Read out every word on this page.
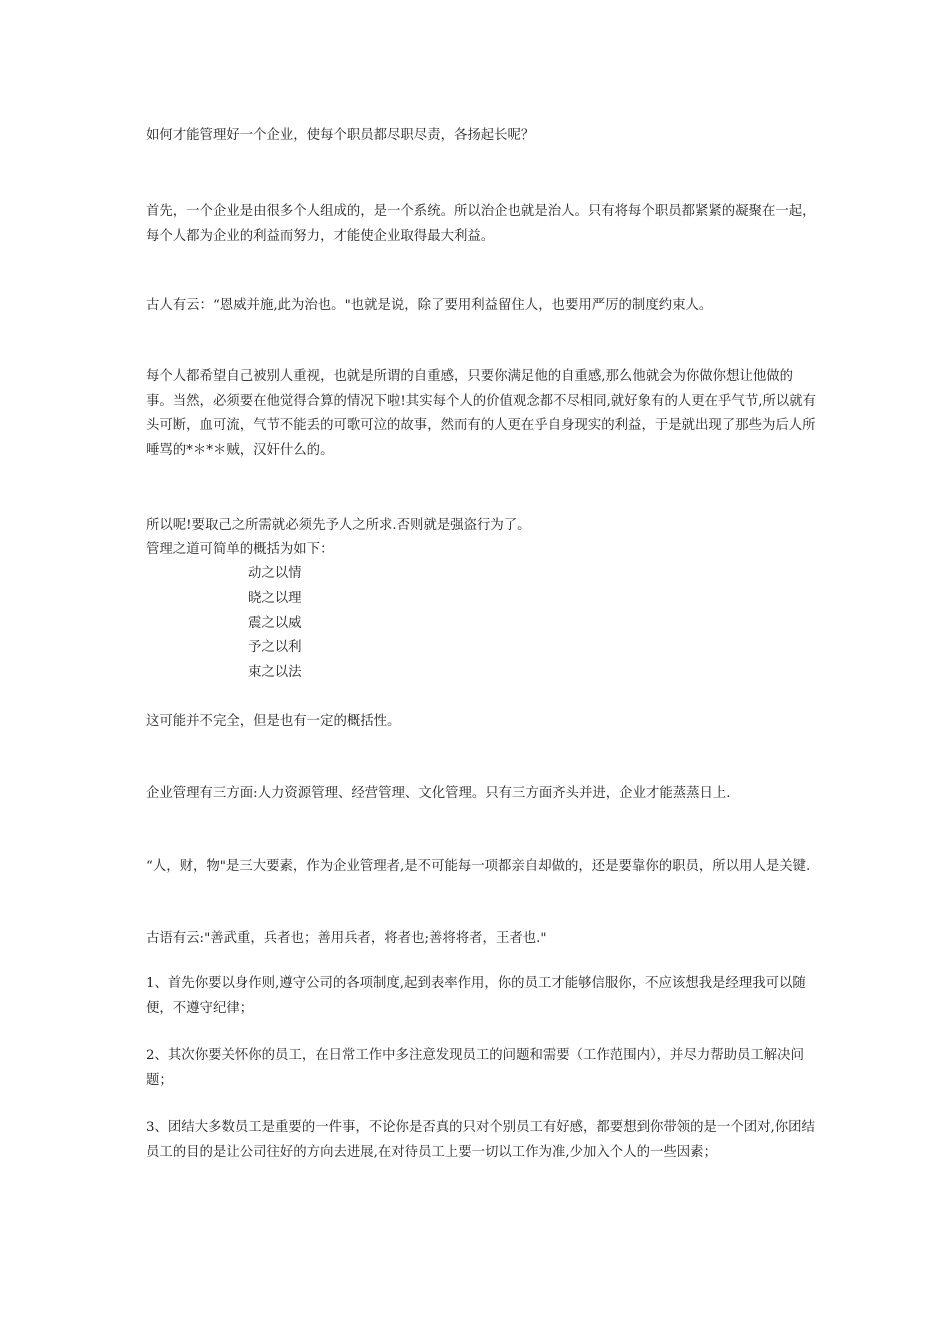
如何才能管理好一个企业，使每个职员都尽职尽责，各扬起长呢？

首先，一个企业是由很多个人组成的，是一个系统。所以治企也就是治人。只有将每个职员都紧紧的凝聚在一起，每个人都为企业的利益而努力，才能使企业取得最大利益。

古人有云：“恩威并施,此为治也。"也就是说，除了要用利益留住人，也要用严厉的制度约束人。

每个人都希望自己被别人重视，也就是所谓的自重感，只要你满足他的自重感,那么他就会为你做你想让他做的事。当然，必须要在他觉得合算的情况下啦!其实每个人的价值观念都不尽相同,就好象有的人更在乎气节,所以就有头可断，血可流，气节不能丢的可歌可泣的故事，然而有的人更在乎自身现实的利益，于是就出现了那些为后人所唾骂的*＊*＊贼，汉奸什么的。

所以呢!要取己之所需就必须先予人之所求.否则就是强盗行为了。

管理之道可简单的概括为如下：

动之以情

晓之以理

震之以威

予之以利

束之以法

这可能并不完全，但是也有一定的概括性。

企业管理有三方面:人力资源管理、经营管理、文化管理。只有三方面齐头并进，企业才能蒸蒸日上.

“人，财，物"是三大要素，作为企业管理者,是不可能每一项都亲自却做的，还是要靠你的职员，所以用人是关键.

古语有云:"善武重，兵者也；善用兵者，将者也;善将将者，王者也."

1、首先你要以身作则,遵守公司的各项制度,起到表率作用，你的员工才能够信服你，不应该想我是经理我可以随便，不遵守纪律；

2、其次你要关怀你的员工，在日常工作中多注意发现员工的问题和需要（工作范围内），并尽力帮助员工解决问题；

3、团结大多数员工是重要的一件事，不论你是否真的只对个别员工有好感，都要想到你带领的是一个团对,你团结员工的目的是让公司往好的方向去进展,在对待员工上要一切以工作为准,少加入个人的一些因素；
